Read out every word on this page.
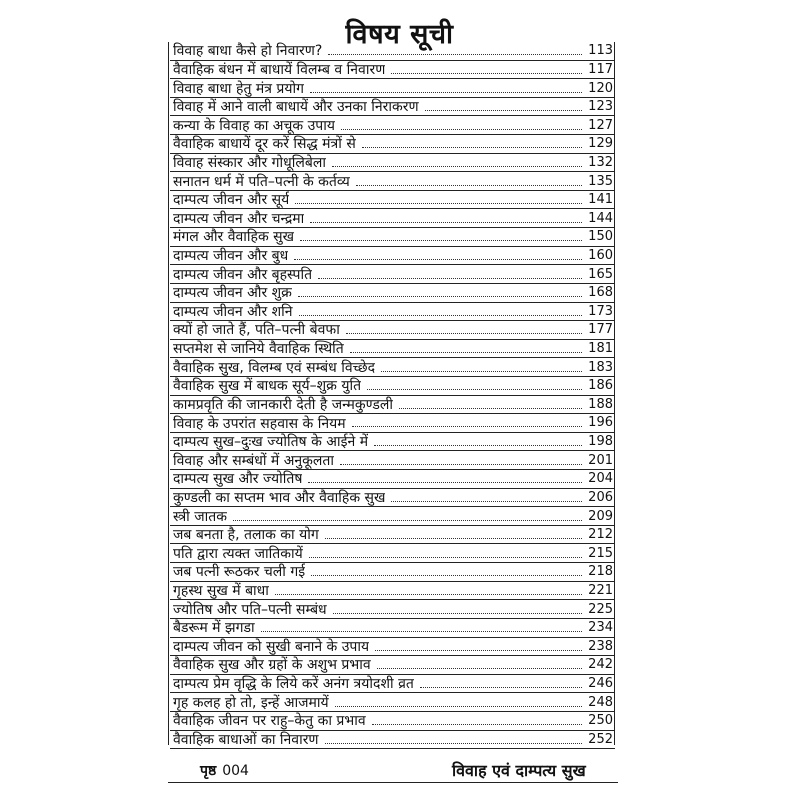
विषय सूची
विवाह बाधा कैसे हो निवारण?	113
वैवाहिक बंधन में बाधायें विलम्ब व निवारण	117
विवाह बाधा हेतु मंत्र प्रयोग	120
विवाह में आने वाली बाधायें और उनका निराकरण	123
कन्या के विवाह का अचूक उपाय	127
वैवाहिक बाधायें दूर करें सिद्ध मंत्रों से	129
विवाह संस्कार और गोधूलिबेला	132
सनातन धर्म में पति–पत्नी के कर्तव्य	135
दाम्पत्य जीवन और सूर्य	141
दाम्पत्य जीवन और चन्द्रमा	144
मंगल और वैवाहिक सुख	150
दाम्पत्य जीवन और बुध	160
दाम्पत्य जीवन और बृहस्पति	165
दाम्पत्य जीवन और शुक्र	168
दाम्पत्य जीवन और शनि	173
क्यों हो जाते हैं, पति–पत्नी बेवफा	177
सप्तमेश से जानिये वैवाहिक स्थिति	181
वैवाहिक सुख, विलम्ब एवं सम्बंध विच्छेद	183
वैवाहिक सुख में बाधक सूर्य–शुक्र युति	186
कामप्रवृति की जानकारी देती है जन्मकुण्डली	188
विवाह के उपरांत सहवास के नियम	196
दाम्पत्य सुख–दुःख ज्योतिष के आईने में	198
विवाह और सम्बंधों में अनुकूलता	201
दाम्पत्य सुख और ज्योतिष	204
कुण्डली का सप्तम भाव और वैवाहिक सुख	206
स्त्री जातक	209
जब बनता है, तलाक का योग	212
पति द्वारा त्यक्त जातिकायें	215
जब पत्नी रूठकर चली गई	218
गृहस्थ सुख में बाधा	221
ज्योतिष और पति–पत्नी सम्बंध	225
बैडरूम में झगडा	234
दाम्पत्य जीवन को सुखी बनाने के उपाय	238
वैवाहिक सुख और ग्रहों के अशुभ प्रभाव	242
दाम्पत्य प्रेम वृद्धि के लिये करें अनंग त्रयोदशी व्रत	246
गृह कलह हो तो, इन्हें आजमायें	248
वैवाहिक जीवन पर राहु–केतु का प्रभाव	250
वैवाहिक बाधाओं का निवारण	252
पृष्ठ 004	विवाह एवं दाम्पत्य सुख
